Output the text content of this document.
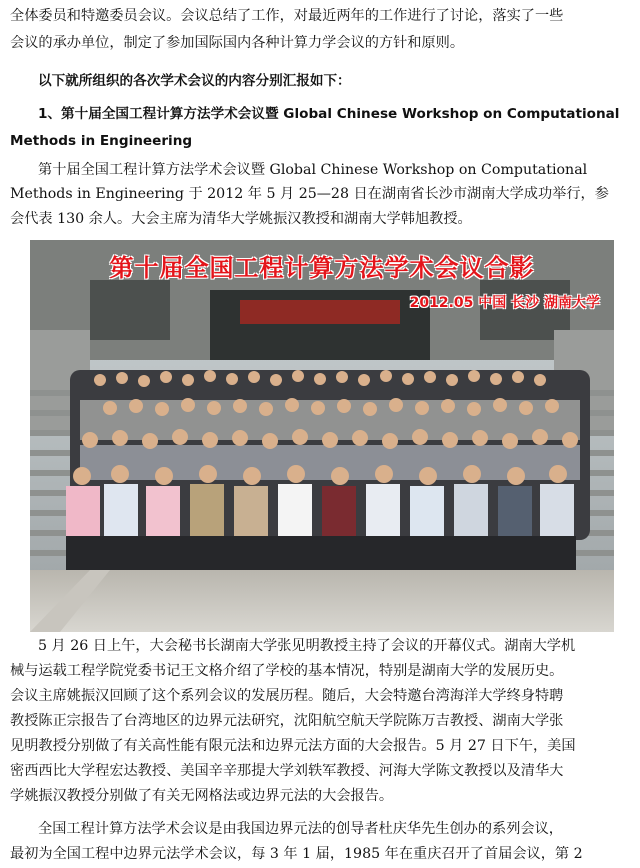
全体委员和特邀委员会议。会议总结了工作，对最近两年的工作进行了讨论，落实了一些
会议的承办单位，制定了参加国际国内各种计算力学会议的方针和原则。
以下就所组织的各次学术会议的内容分别汇报如下：
1、第十届全国工程计算方法学术会议暨 Global Chinese Workshop on Computational
Methods in Engineering
第十届全国工程计算方法学术会议暨 Global Chinese Workshop on Computational
Methods in Engineering 于 2012 年 5 月 25—28 日在湖南省长沙市湖南大学成功举行，参
会代表 130 余人。大会主席为清华大学姚振汉教授和湖南大学韩旭教授。
第十届全国工程计算方法学术会议合影
2012.05 中国 长沙 湖南大学
5 月 26 日上午，大会秘书长湖南大学张见明教授主持了会议的开幕仪式。湖南大学机
械与运载工程学院党委书记王文格介绍了学校的基本情况，特别是湖南大学的发展历史。
会议主席姚振汉回顾了这个系列会议的发展历程。随后，大会特邀台湾海洋大学终身特聘
教授陈正宗报告了台湾地区的边界元法研究，沈阳航空航天学院陈万吉教授、湖南大学张
见明教授分别做了有关高性能有限元法和边界元法方面的大会报告。5 月 27 日下午，美国
密西西比大学程宏达教授、美国辛辛那提大学刘轶军教授、河海大学陈文教授以及清华大
学姚振汉教授分别做了有关无网格法或边界元法的大会报告。
全国工程计算方法学术会议是由我国边界元法的创导者杜庆华先生创办的系列会议，
最初为全国工程中边界元法学术会议，每 3 年 1 届，1985 年在重庆召开了首届会议，第 2
